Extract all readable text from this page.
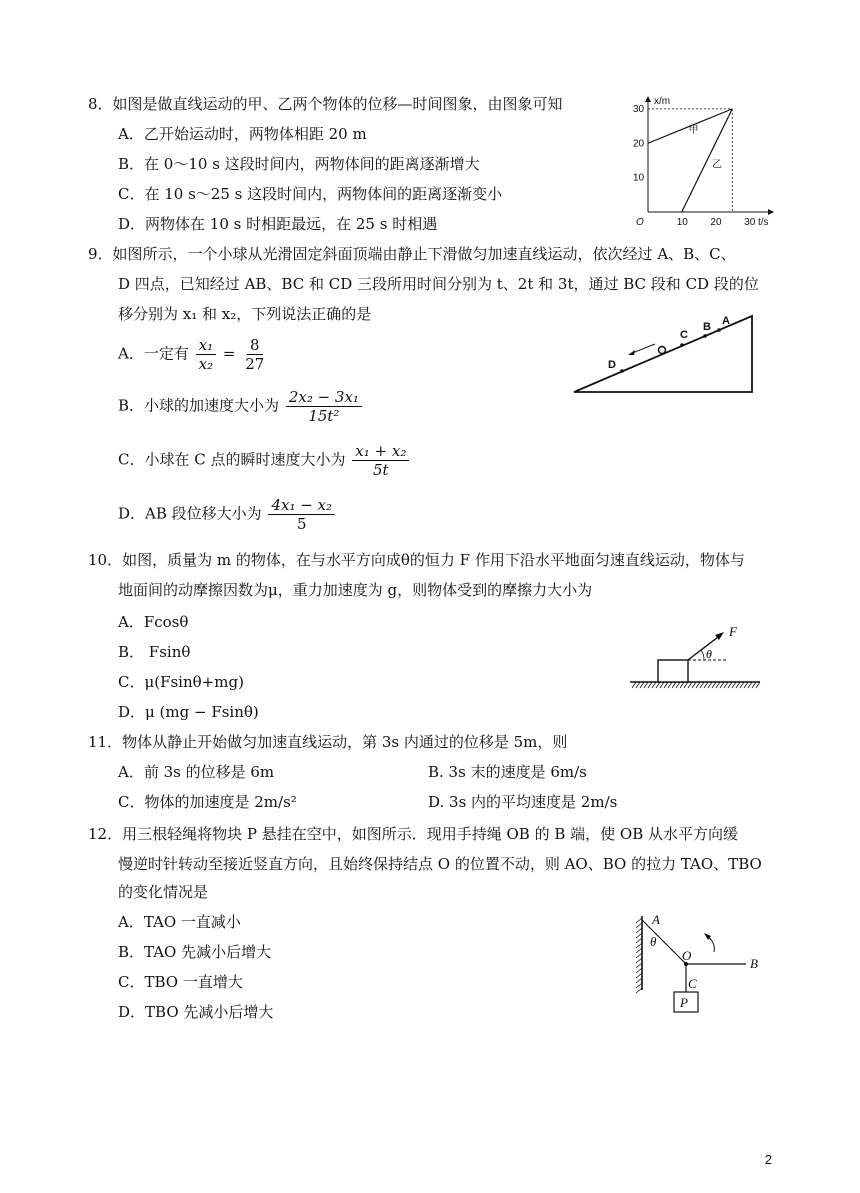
8．如图是做直线运动的甲、乙两个物体的位移—时间图象，由图象可知
A．乙开始运动时，两物体相距 20 m
B．在 0～10 s 这段时间内，两物体间的距离逐渐增大
C．在 10 s～25 s 这段时间内，两物体间的距离逐渐变小
D．两物体在 10 s 时相距最远，在 25 s 时相遇
x/m
t/s
O	10 20 30
10
20
30
甲
乙
9．如图所示，一个小球从光滑固定斜面顶端由静止下滑做匀加速直线运动，依次经过 A、B、C、
D 四点，已知经过 AB、BC 和 CD 三段所用时间分别为 t、2t 和 3t，通过 BC 段和 CD 段的位
移分别为 x₁ 和 x₂，下列说法正确的是
A．一定有 $\frac{\text{x₁}}{\text{x₂}} = \frac{8}{27}$
B．小球的加速度大小为 $\frac{\text{2x₂ − 3x₁}}{\text{15t²}}$
C．小球在 C 点的瞬时速度大小为 $\frac{\text{x₁ + x₂}}{5t}$
D．AB 段位移大小为 $\frac{\text{4x₁ − x₂}}{5}$
A
B
C
D
10．如图，质量为 m 的物体，在与水平方向成θ的恒力 F 作用下沿水平地面匀速直线运动，物体与
地面间的动摩擦因数为μ，重力加速度为 g，则物体受到的摩擦力大小为
A．Fcosθ
B． Fsinθ
C．μ(Fsinθ+mg)
D．μ (mg − Fsinθ)
F
θ
11．物体从静止开始做匀加速直线运动，第 3s 内通过的位移是 5m，则
A．前 3s 的位移是 6m	B. 3s 末的速度是 6m/s
C．物体的加速度是 2m/s²	D. 3s 内的平均速度是 2m/s
12．用三根轻绳将物块 P 悬挂在空中，如图所示．现用手持绳 OB 的 B 端，使 OB 从水平方向缓
慢逆时针转动至接近竖直方向，且始终保持结点 O 的位置不动，则 AO、BO 的拉力 TAO、TBO
的变化情况是
A．TAO 一直减小
B．TAO 先减小后增大
C．TBO 一直增大
D．TBO 先减小后增大
A
θ
O
B
C
P
2
